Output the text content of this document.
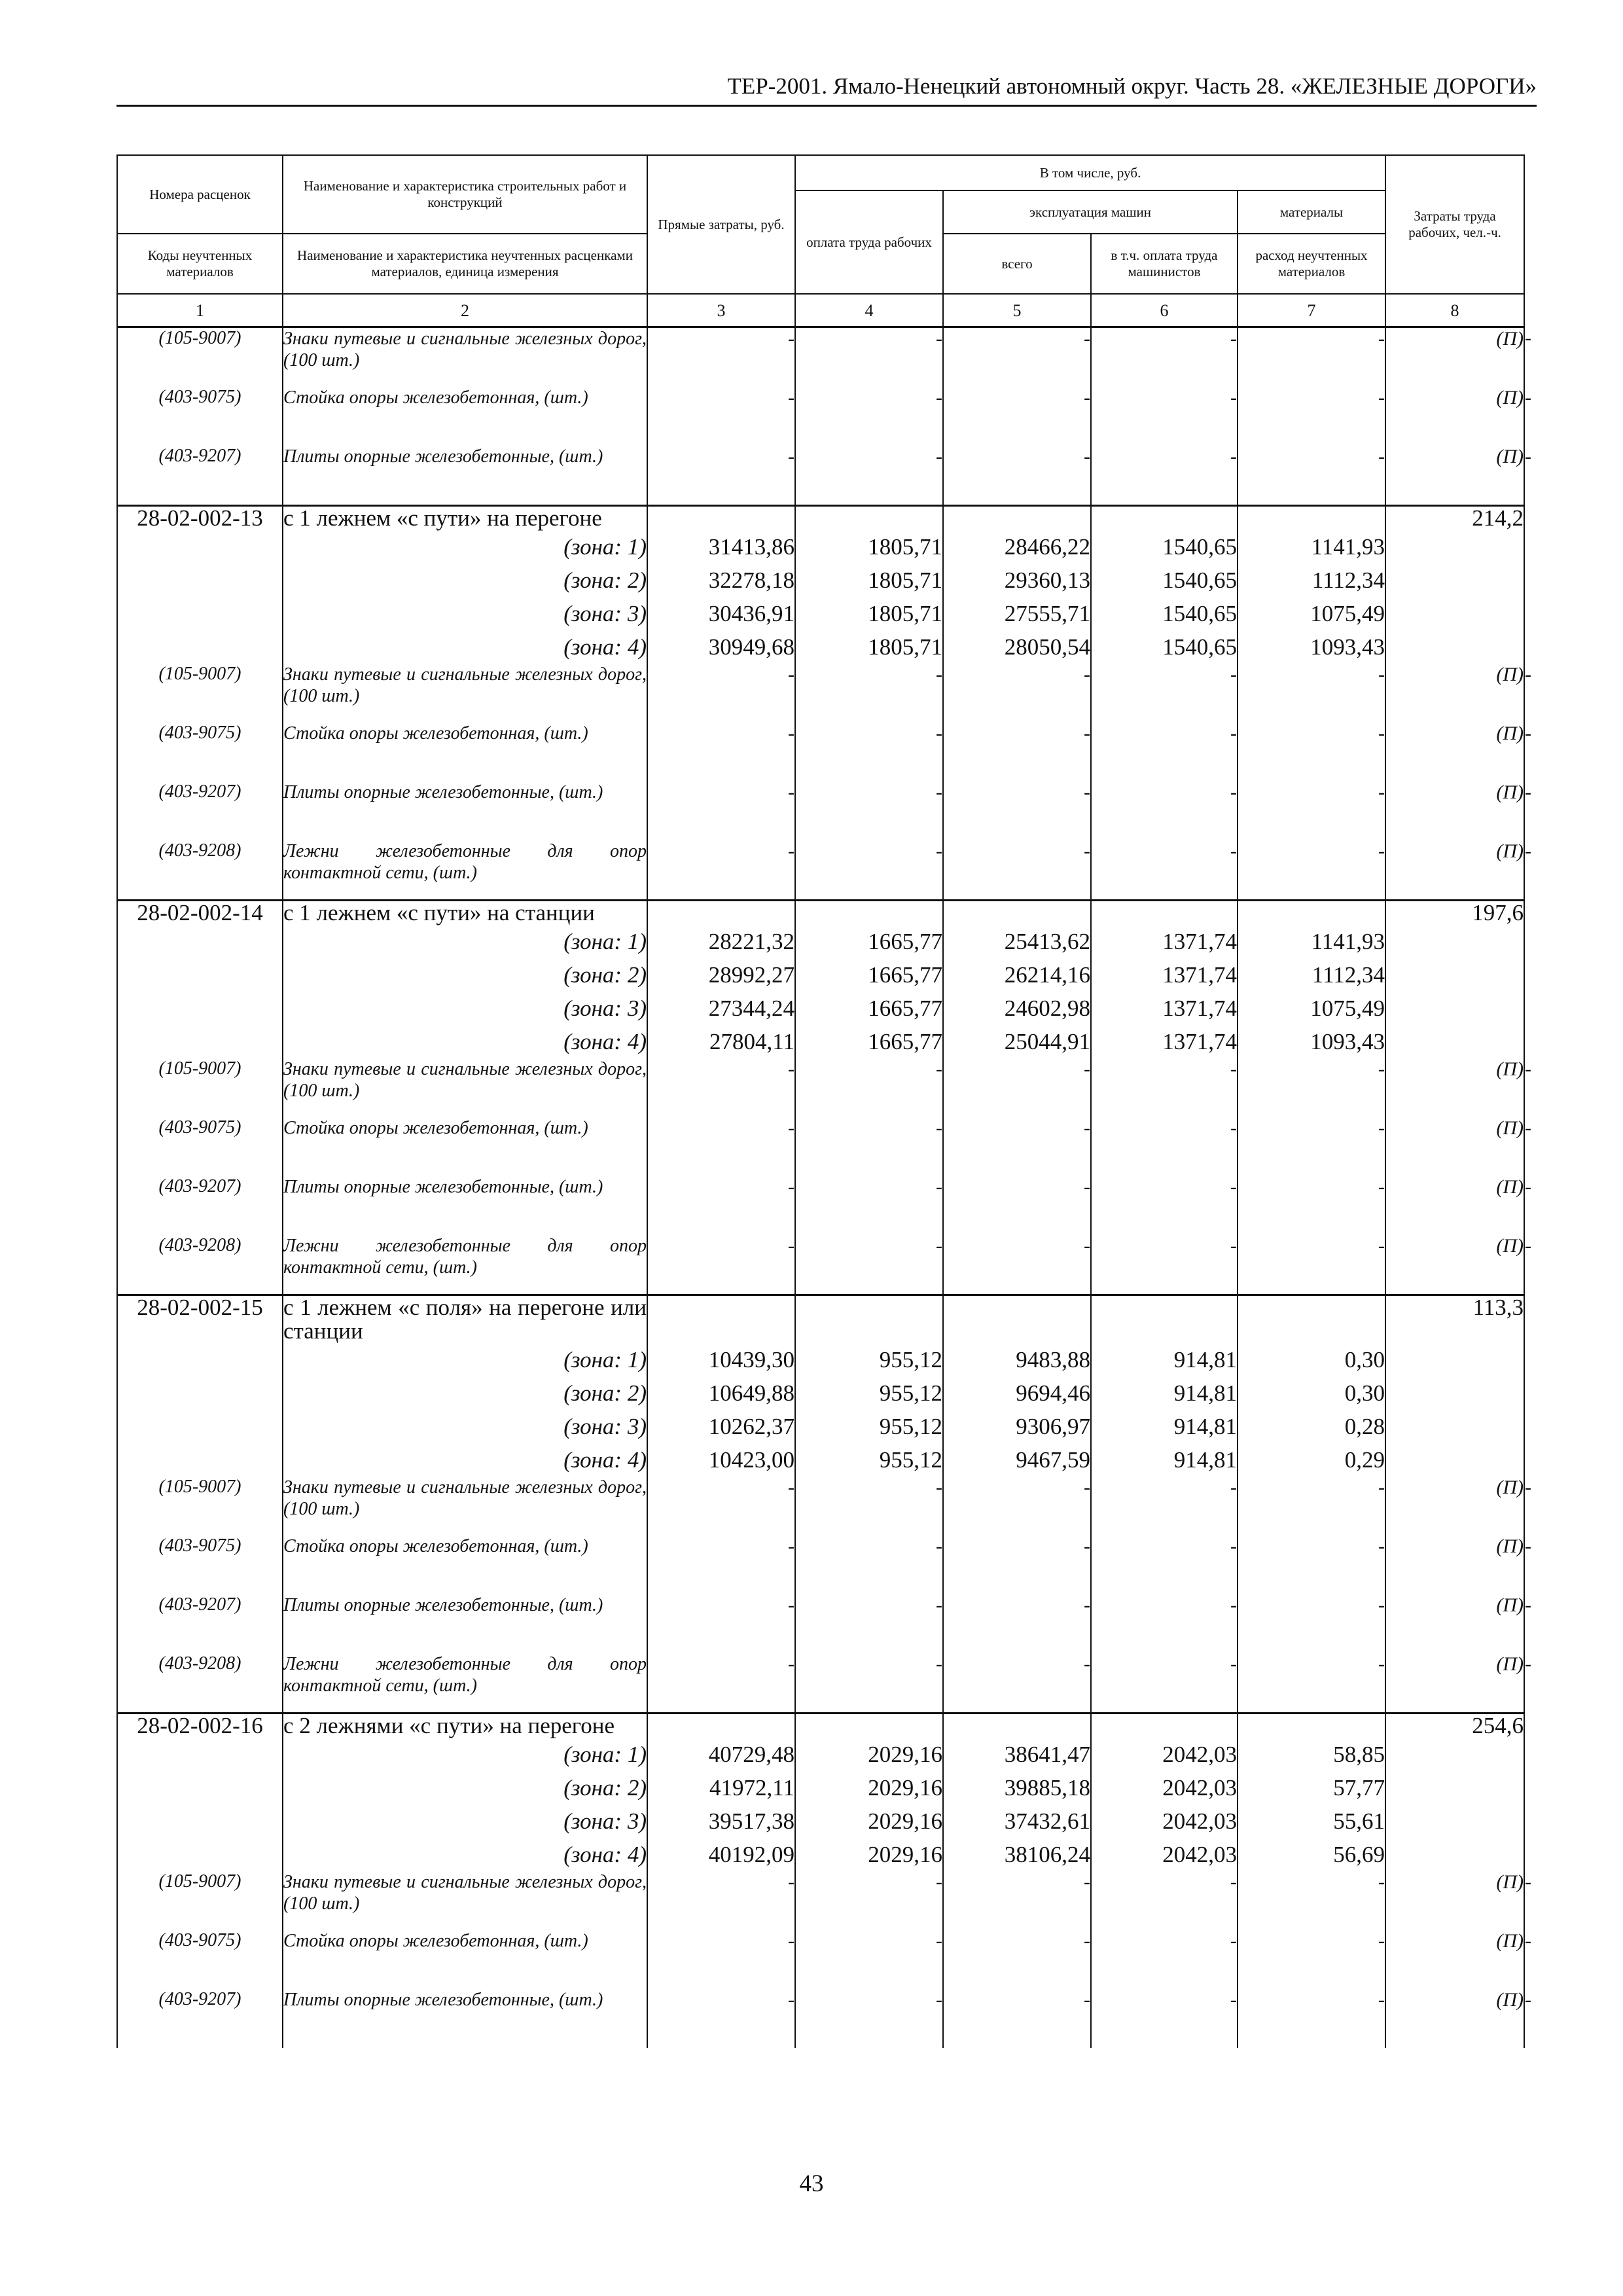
ТЕР-2001. Ямало-Ненецкий автономный округ. Часть 28. «ЖЕЛЕЗНЫЕ ДОРОГИ»
Номера расценок	Наименование и характеристика строительных работ и конструкций	Прямые затраты, руб.	В том числе, руб.				Затраты труда рабочих, чел.-ч.	
			оплата труда рабочих	эксплуатация машин		материалы		
Коды неучтенных материалов	Наименование и характеристика неучтенных расценками материалов, единица измерения			всего	в т.ч. оплата труда машинистов	расход неучтенных материалов		
1	2	3	4	5	6	7	8	
(105-9007)	Знаки путевые и сигнальные железных дорог, (100 шт.)	-	-	-	-	-	(П)	-
(403-9075)	Стойка опоры железобетонная, (шт.)	-	-	-	-	-	(П)	-
(403-9207)	Плиты опорные железобетонные, (шт.)	-	-	-	-	-	(П)	-
28-02-002-13	с 1 лежнем «с пути» на перегоне						214,2	
	(зона: 1)	31413,86	1805,71	28466,22	1540,65	1141,93		
	(зона: 2)	32278,18	1805,71	29360,13	1540,65	1112,34		
	(зона: 3)	30436,91	1805,71	27555,71	1540,65	1075,49		
	(зона: 4)	30949,68	1805,71	28050,54	1540,65	1093,43		
(105-9007)	Знаки путевые и сигнальные железных дорог, (100 шт.)	-	-	-	-	-	(П)	-
(403-9075)	Стойка опоры железобетонная, (шт.)	-	-	-	-	-	(П)	-
(403-9207)	Плиты опорные железобетонные, (шт.)	-	-	-	-	-	(П)	-
(403-9208)	Лежни железобетонные для опор контактной сети, (шт.)	-	-	-	-	-	(П)	-
28-02-002-14	с 1 лежнем «с пути» на станции						197,6	
	(зона: 1)	28221,32	1665,77	25413,62	1371,74	1141,93		
	(зона: 2)	28992,27	1665,77	26214,16	1371,74	1112,34		
	(зона: 3)	27344,24	1665,77	24602,98	1371,74	1075,49		
	(зона: 4)	27804,11	1665,77	25044,91	1371,74	1093,43		
(105-9007)	Знаки путевые и сигнальные железных дорог, (100 шт.)	-	-	-	-	-	(П)	-
(403-9075)	Стойка опоры железобетонная, (шт.)	-	-	-	-	-	(П)	-
(403-9207)	Плиты опорные железобетонные, (шт.)	-	-	-	-	-	(П)	-
(403-9208)	Лежни железобетонные для опор контактной сети, (шт.)	-	-	-	-	-	(П)	-
28-02-002-15	с 1 лежнем «с поля» на перегоне или станции						113,3	
	(зона: 1)	10439,30	955,12	9483,88	914,81	0,30		
	(зона: 2)	10649,88	955,12	9694,46	914,81	0,30		
	(зона: 3)	10262,37	955,12	9306,97	914,81	0,28		
	(зона: 4)	10423,00	955,12	9467,59	914,81	0,29		
(105-9007)	Знаки путевые и сигнальные железных дорог, (100 шт.)	-	-	-	-	-	(П)	-
(403-9075)	Стойка опоры железобетонная, (шт.)	-	-	-	-	-	(П)	-
(403-9207)	Плиты опорные железобетонные, (шт.)	-	-	-	-	-	(П)	-
(403-9208)	Лежни железобетонные для опор контактной сети, (шт.)	-	-	-	-	-	(П)	-
28-02-002-16	с 2 лежнями «с пути» на перегоне						254,6	
	(зона: 1)	40729,48	2029,16	38641,47	2042,03	58,85		
	(зона: 2)	41972,11	2029,16	39885,18	2042,03	57,77		
	(зона: 3)	39517,38	2029,16	37432,61	2042,03	55,61		
	(зона: 4)	40192,09	2029,16	38106,24	2042,03	56,69		
(105-9007)	Знаки путевые и сигнальные железных дорог, (100 шт.)	-	-	-	-	-	(П)	-
(403-9075)	Стойка опоры железобетонная, (шт.)	-	-	-	-	-	(П)	-
(403-9207)	Плиты опорные железобетонные, (шт.)	-	-	-	-	-	(П)	-
43
